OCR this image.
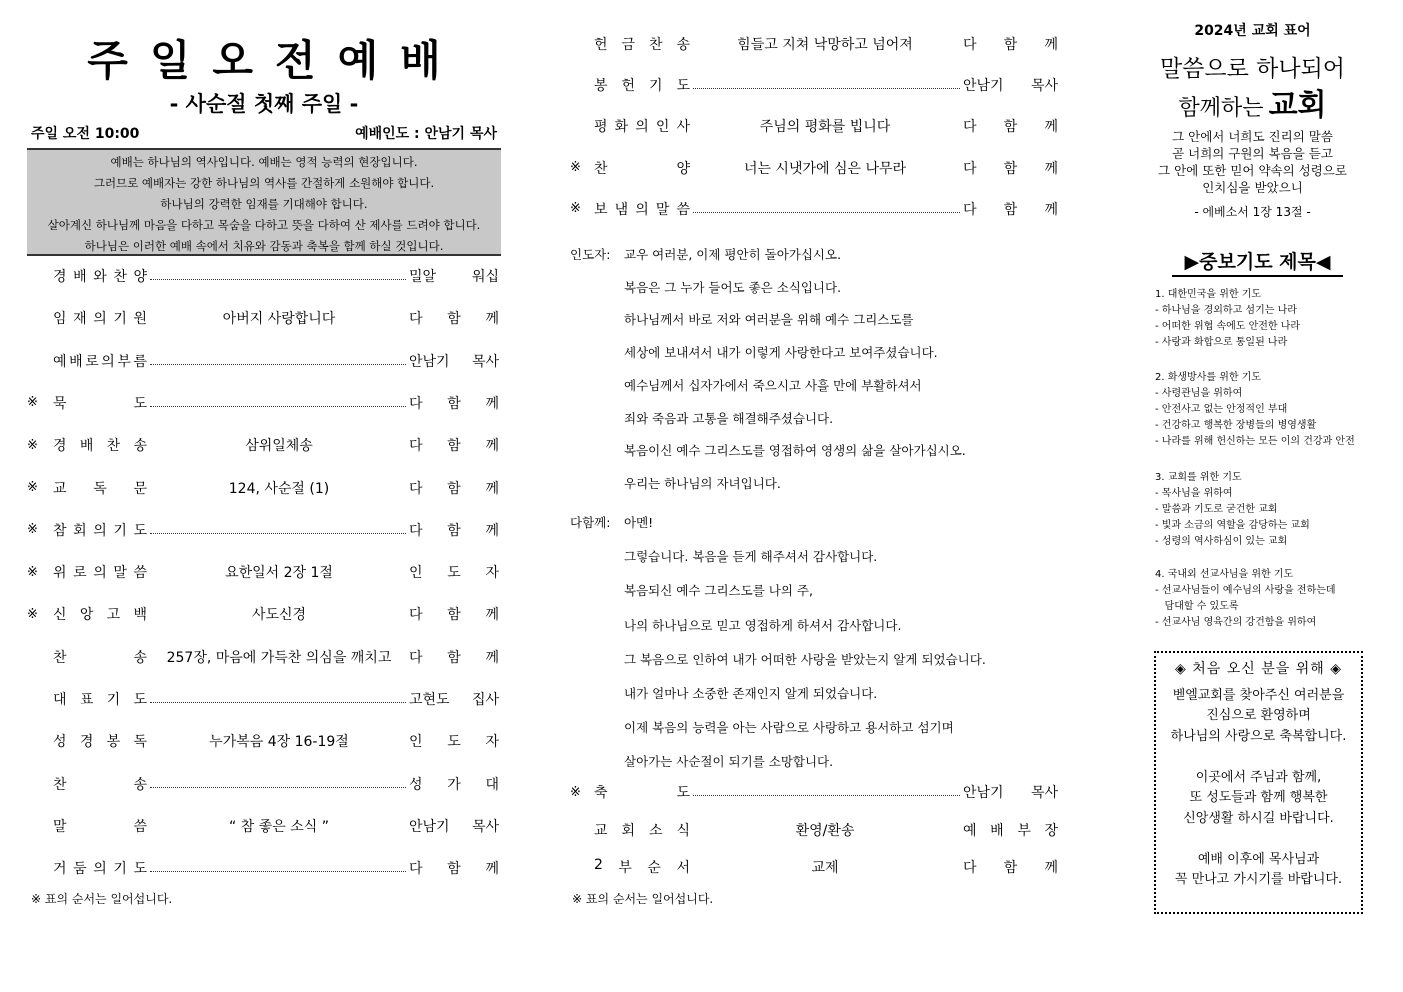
주일오전예배
- 사순절 첫째 주일 -
주일 오전 10:00	예배인도 : 안남기 목사
예배는 하나님의 역사입니다. 예배는 영적 능력의 현장입니다.
그러므로 예배자는 강한 하나님의 역사를 간절하게 소원해야 합니다.
하나님의 강력한 임재를 기대해야 합니다.
살아계신 하나님께 마음을 다하고 목숨을 다하고 뜻을 다하여 산 제사를 드려야 합니다.
하나님은 이러한 예배 속에서 치유와 감동과 축복을 함께 하실 것입니다.
경 배 와 찬 양	밀알	워십
임 재 의 기 원	아버지 사랑합니다	다 함 께
예 배 로 의 부 름	안남기 목사
※	묵	도	다 함 께
※	경 배 찬 송	삼위일체송	다 함 께
※	교 독 문	124, 사순절 (1)	다 함 께
※	참 회 의 기 도	다 함 께
※	위 로 의 말 씀	요한일서 2장 1절	인 도 자
※	신 앙 고 백	사도신경	다 함 께
찬	송	257장, 마음에 가득찬 의심을 깨치고	다 함 께
대 표 기 도	고현도 집사
성 경 봉 독	누가복음 4장 16-19절	인 도 자
찬	송	성 가 대
말	씀	“ 참 좋은 소식 ”	안남기 목사
거 둠 의 기 도	다 함 께
※ 표의 순서는 일어섭니다.
헌 금 찬 송	힘들고 지쳐 낙망하고 넘어져	다 함 께
봉 헌 기 도	안남기 목사
평 화 의 인 사	주님의 평화를 빕니다	다 함 께
※ 찬	양	너는 시냇가에 심은 나무라	다 함 께
※ 보 냄 의 말 씀	다 함 께
인도자: 교우 여러분, 이제 평안히 돌아가십시오.
복음은 그 누가 들어도 좋은 소식입니다.
하나님께서 바로 저와 여러분을 위해 예수 그리스도를
세상에 보내셔서 내가 이렇게 사랑한다고 보여주셨습니다.
예수님께서 십자가에서 죽으시고 사흘 만에 부활하셔서
죄와 죽음과 고통을 해결해주셨습니다.
복음이신 예수 그리스도를 영접하여 영생의 삶을 살아가십시오.
우리는 하나님의 자녀입니다.
다함께: 아멘!
그렇습니다. 복음을 듣게 해주셔서 감사합니다.
복음되신 예수 그리스도를 나의 주,
나의 하나님으로 믿고 영접하게 하셔서 감사합니다.
그 복음으로 인하여 내가 어떠한 사랑을 받았는지 알게 되었습니다.
내가 얼마나 소중한 존재인지 알게 되었습니다.
이제 복음의 능력을 아는 사람으로 사랑하고 용서하고 섬기며
살아가는 사순절이 되기를 소망합니다.
※ 축	도	안남기 목사
교 회 소 식	환영/환송	예 배 부 장
2 부 순 서	교제	다 함 께
※ 표의 순서는 일어섭니다.
2024년 교회 표어
말씀으로 하나되어
함께하는 교회
그 안에서 너희도 진리의 말씀
곧 너희의 구원의 복음을 듣고
그 안에 또한 믿어 약속의 성령으로
인치심을 받았으니
- 에베소서 1장 13절 -
▶중보기도 제목◀
1. 대한민국을 위한 기도
- 하나님을 경외하고 섬기는 나라
- 어떠한 위협 속에도 안전한 나라
- 사랑과 화합으로 통일된 나라
2. 화생방사를 위한 기도
- 사령관님을 위하여
- 안전사고 없는 안정적인 부대
- 건강하고 행복한 장병들의 병영생활
- 나라를 위해 헌신하는 모든 이의 건강과 안전
3. 교회를 위한 기도
- 목사님을 위하여
- 말씀과 기도로 굳건한 교회
- 빛과 소금의 역할을 감당하는 교회
- 성령의 역사하심이 있는 교회
4. 국내외 선교사님을 위한 기도
- 선교사님들이 예수님의 사랑을 전하는데
담대할 수 있도록
- 선교사님 영육간의 강건함을 위하여
◈ 처음 오신 분을 위해 ◈
벧엘교회를 찾아주신 여러분을
진심으로 환영하며
하나님의 사랑으로 축복합니다.

이곳에서 주님과 함께,
또 성도들과 함께 행복한
신앙생활 하시길 바랍니다.

예배 이후에 목사님과
꼭 만나고 가시기를 바랍니다.
